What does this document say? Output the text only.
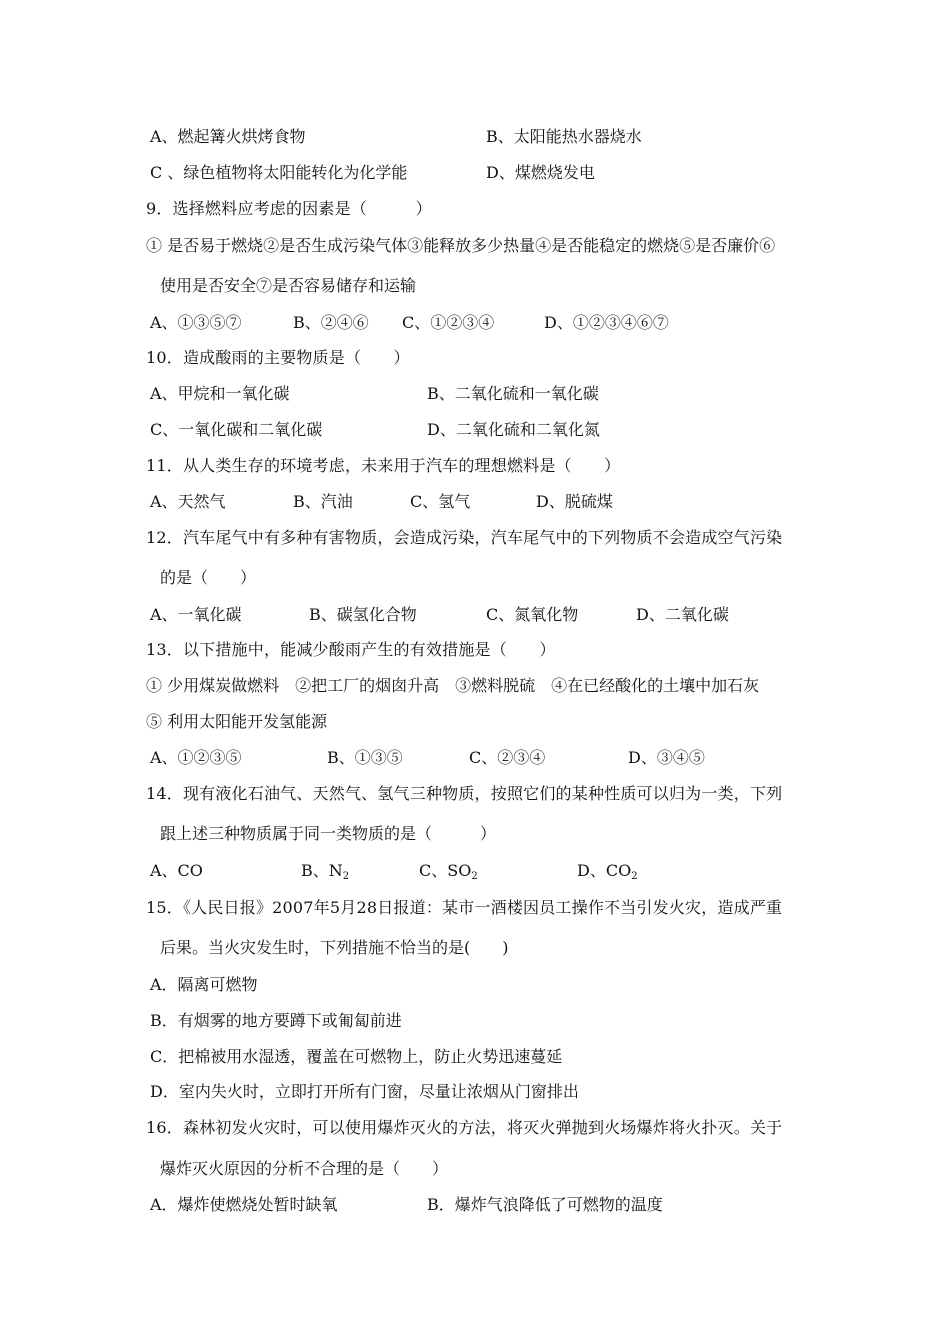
A、燃起篝火烘烤食物	B、太阳能热水器烧水
C 、绿色植物将太阳能转化为化学能	D、煤燃烧发电
9．选择燃料应考虑的因素是（　　　）
① 是否易于燃烧②是否生成污染气体③能释放多少热量④是否能稳定的燃烧⑤是否廉价⑥
使用是否安全⑦是否容易储存和运输
A、①③⑤⑦	B、②④⑥ C、①②③④	D、①②③④⑥⑦
10．造成酸雨的主要物质是（　　）
A、甲烷和一氧化碳	B、二氧化硫和一氧化碳
C、一氧化碳和二氧化碳	D、二氧化硫和二氧化氮
11．从人类生存的环境考虑，未来用于汽车的理想燃料是（　　）
A、天然气	B、汽油	C、氢气	D、脱硫煤
12．汽车尾气中有多种有害物质，会造成污染，汽车尾气中的下列物质不会造成空气污染
的是（　　）
A、一氧化碳	B、碳氢化合物	C、氮氧化物	D、二氧化碳
13．以下措施中，能减少酸雨产生的有效措施是（　　）
① 少用煤炭做燃料　②把工厂的烟囱升高　③燃料脱硫　④在已经酸化的土壤中加石灰
⑤ 利用太阳能开发氢能源
A、①②③⑤	B、①③⑤	C、②③④	D、③④⑤
14．现有液化石油气、天然气、氢气三种物质，按照它们的某种性质可以归为一类，下列
跟上述三种物质属于同一类物质的是（　　　）
A、CO	B、$N_2$	C、$SO_2$	D、$CO_2$
15．《人民日报》2007年5月28日报道：某市一酒楼因员工操作不当引发火灾，造成严重
后果。当火灾发生时，下列措施不恰当的是(　　)
A．隔离可燃物
B．有烟雾的地方要蹲下或匍匐前进
C．把棉被用水湿透，覆盖在可燃物上，防止火势迅速蔓延
D．室内失火时，立即打开所有门窗，尽量让浓烟从门窗排出
16．森林初发火灾时，可以使用爆炸灭火的方法，将灭火弹抛到火场爆炸将火扑灭。关于
爆炸灭火原因的分析不合理的是（　　）
A．爆炸使燃烧处暂时缺氧	B．爆炸气浪降低了可燃物的温度
